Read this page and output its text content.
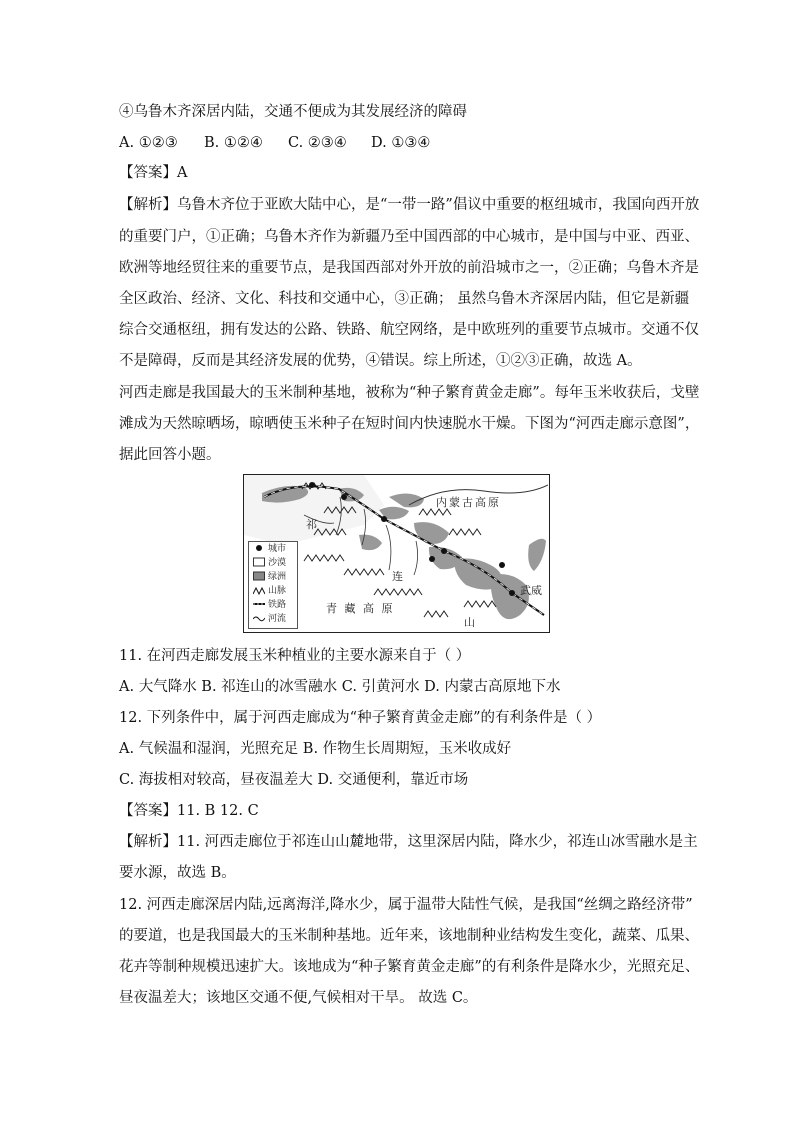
④乌鲁木齐深居内陆，交通不便成为其发展经济的障碍
A. ①②③ B. ①②④ C. ②③④ D. ①③④
【答案】A
【解析】乌鲁木齐位于亚欧大陆中心，是“一带一路”倡议中重要的枢纽城市，我国向西开放
的重要门户，①正确；乌鲁木齐作为新疆乃至中国西部的中心城市，是中国与中亚、西亚、
欧洲等地经贸往来的重要节点，是我国西部对外开放的前沿城市之一，②正确；乌鲁木齐是
全区政治、经济、文化、科技和交通中心，③正确； 虽然乌鲁木齐深居内陆，但它是新疆
综合交通枢纽，拥有发达的公路、铁路、航空网络，是中欧班列的重要节点城市。交通不仅
不是障碍，反而是其经济发展的优势，④错误。综上所述，①②③正确，故选 A。
河西走廊是我国最大的玉米制种基地，被称为“种子繁育黄金走廊”。每年玉米收获后，戈壁
滩成为天然晾晒场，晾晒使玉米种子在短时间内快速脱水干燥。下图为“河西走廊示意图”，
据此回答小题。
内蒙古高原
祁
连
山
青 藏 高 原
武威
城市
沙漠
绿洲
山脉
铁路
河流
11. 在河西走廊发展玉米种植业的主要水源来自于（ ）
A. 大气降水 B. 祁连山的冰雪融水 C. 引黄河水 D. 内蒙古高原地下水
12. 下列条件中，属于河西走廊成为“种子繁育黄金走廊”的有利条件是（ ）
A. 气候温和湿润，光照充足 B. 作物生长周期短，玉米收成好
C. 海拔相对较高，昼夜温差大 D. 交通便利，靠近市场
【答案】11. B 12. C
【解析】11. 河西走廊位于祁连山山麓地带，这里深居内陆，降水少，祁连山冰雪融水是主
要水源，故选 B。
12. 河西走廊深居内陆,远离海洋,降水少，属于温带大陆性气候，是我国“丝绸之路经济带”
的要道，也是我国最大的玉米制种基地。近年来，该地制种业结构发生变化，蔬菜、瓜果、
花卉等制种规模迅速扩大。该地成为“种子繁育黄金走廊”的有利条件是降水少，光照充足、
昼夜温差大；该地区交通不便,气候相对干旱。 故选 C。
